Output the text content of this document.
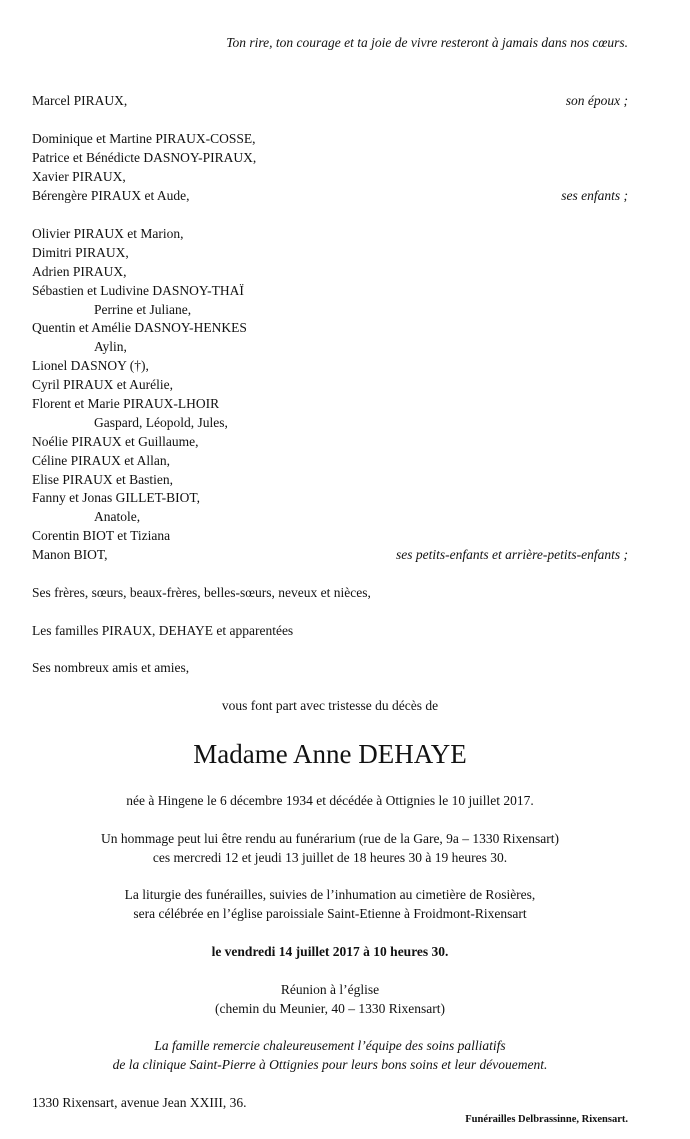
Ton rire, ton courage et ta joie de vivre resteront à jamais dans nos cœurs.
Marcel PIRAUX,	son époux ;
Dominique et Martine PIRAUX-COSSE,
Patrice et Bénédicte DASNOY-PIRAUX,
Xavier PIRAUX,
Bérengère PIRAUX et Aude,	ses enfants ;
Olivier PIRAUX et Marion,
Dimitri PIRAUX,
Adrien PIRAUX,
Sébastien et Ludivine DASNOY-THAÏ
Perrine et Juliane,
Quentin et Amélie DASNOY-HENKES
Aylin,
Lionel DASNOY (†),
Cyril PIRAUX et Aurélie,
Florent et Marie PIRAUX-LHOIR
Gaspard, Léopold, Jules,
Noélie PIRAUX et Guillaume,
Céline PIRAUX et Allan,
Elise PIRAUX et Bastien,
Fanny et Jonas GILLET-BIOT,
Anatole,
Corentin BIOT et Tiziana
Manon BIOT,	ses petits-enfants et arrière-petits-enfants ;
Ses frères, sœurs, beaux-frères, belles-sœurs, neveux et nièces,
Les familles PIRAUX, DEHAYE et apparentées
Ses nombreux amis et amies,
vous font part avec tristesse du décès de
Madame Anne DEHAYE
née à Hingene le 6 décembre 1934 et décédée à Ottignies le 10 juillet 2017.
Un hommage peut lui être rendu au funérarium (rue de la Gare, 9a – 1330 Rixensart)
ces mercredi 12 et jeudi 13 juillet de 18 heures 30 à 19 heures 30.
La liturgie des funérailles, suivies de l’inhumation au cimetière de Rosières,
sera célébrée en l’église paroissiale Saint-Etienne à Froidmont-Rixensart
le vendredi 14 juillet 2017 à 10 heures 30.
Réunion à l’église
(chemin du Meunier, 40 – 1330 Rixensart)
La famille remercie chaleureusement l’équipe des soins palliatifs
de la clinique Saint-Pierre à Ottignies pour leurs bons soins et leur dévouement.
1330 Rixensart, avenue Jean XXIII, 36.
Funérailles Delbrassinne, Rixensart.
